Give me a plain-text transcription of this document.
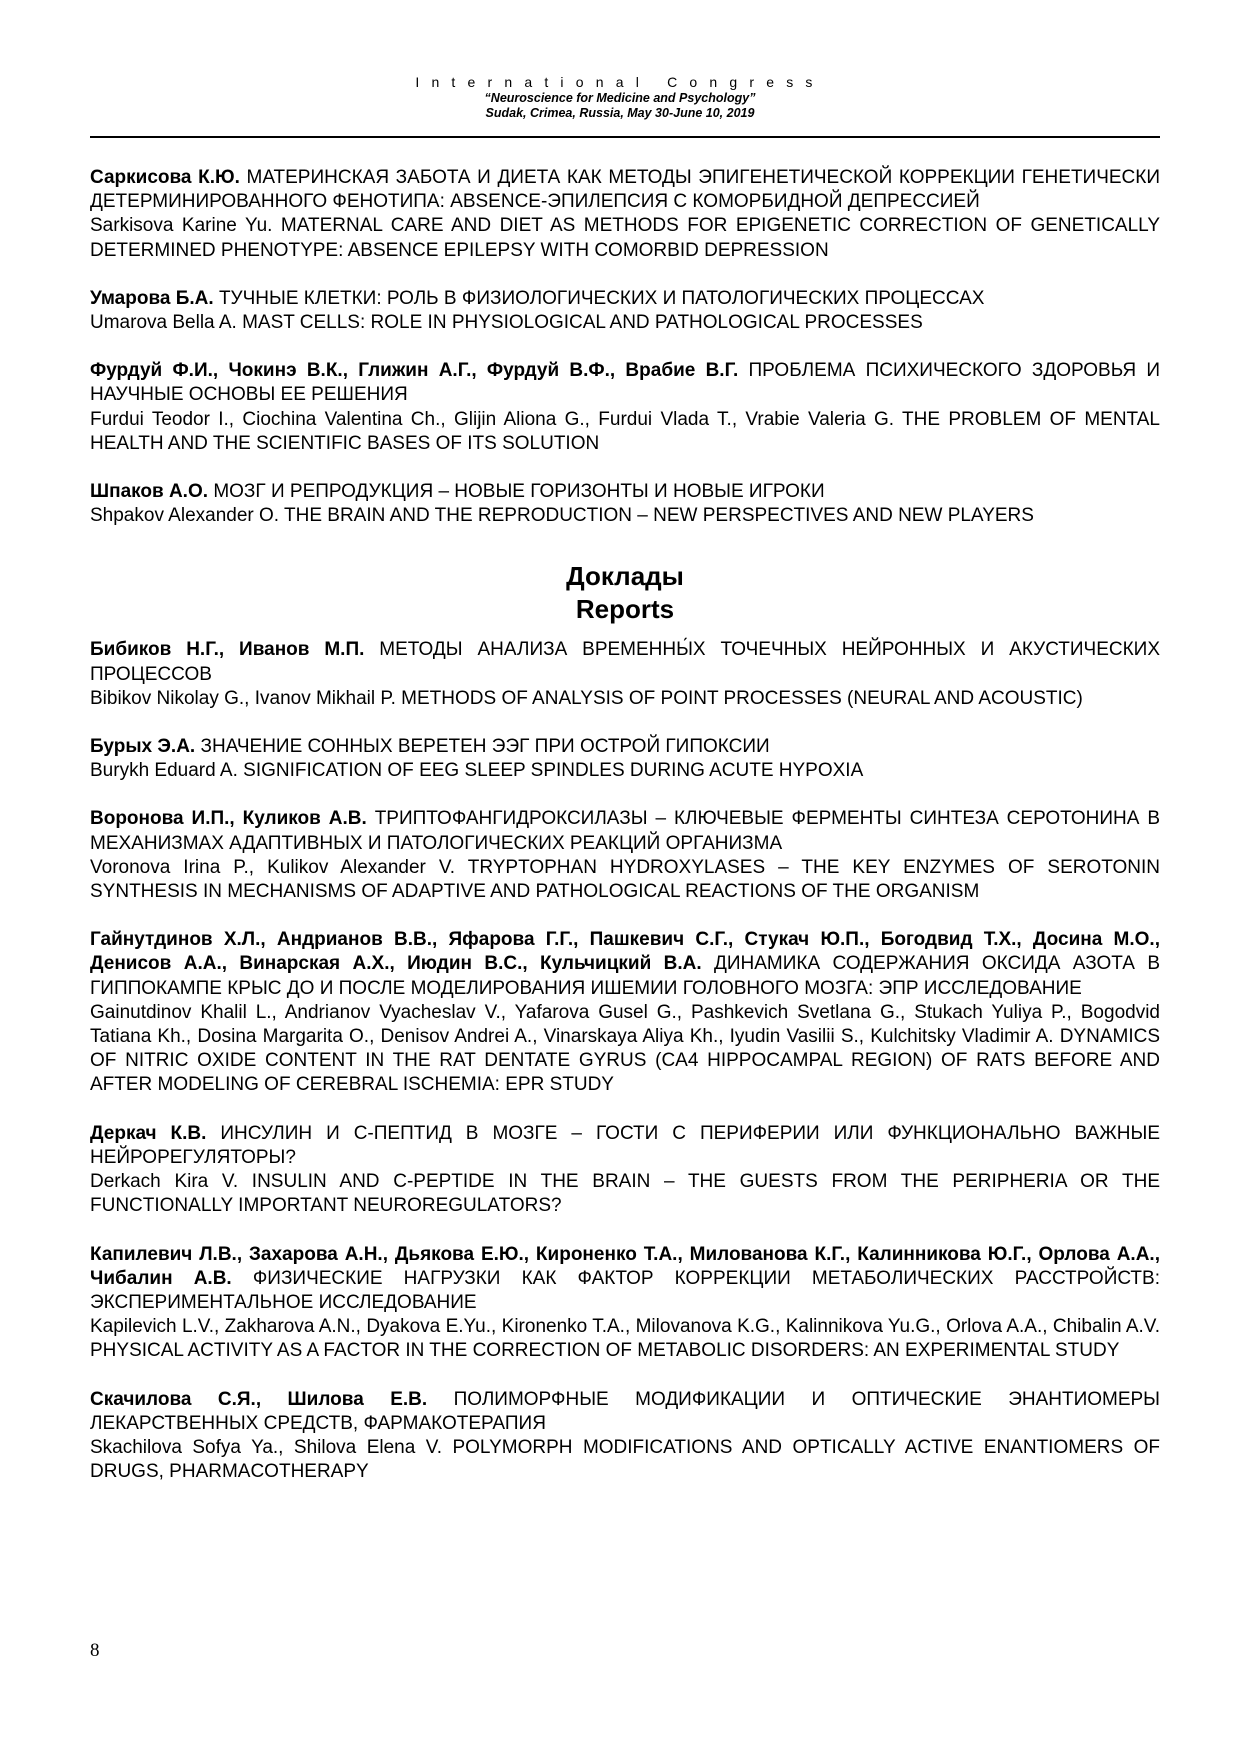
International Congress
“Neuroscience for Medicine and Psychology”
Sudak, Crimea, Russia, May 30-June 10, 2019

Саркисова К.Ю. МАТЕРИНСКАЯ ЗАБОТА И ДИЕТА КАК МЕТОДЫ ЭПИГЕНЕТИЧЕСКОЙ КОРРЕКЦИИ ГЕНЕТИЧЕСКИ ДЕТЕРМИНИРОВАННОГО ФЕНОТИПА: ABSENCE-ЭПИЛЕПСИЯ С КОМОРБИДНОЙ ДЕПРЕССИЕЙ

Sarkisova Karine Yu. MATERNAL CARE AND DIET AS METHODS FOR EPIGENETIC CORRECTION OF GENETICALLY DETERMINED PHENOTYPE: ABSENCE EPILEPSY WITH COMORBID DEPRESSION

Умарова Б.А. ТУЧНЫЕ КЛЕТКИ: РОЛЬ В ФИЗИОЛОГИЧЕСКИХ И ПАТОЛОГИЧЕСКИХ ПРОЦЕССАХ

Umarova Bella A. MAST CELLS: ROLE IN PHYSIOLOGICAL AND PATHOLOGICAL PROCESSES

Фурдуй Ф.И., Чокинэ В.К., Глижин А.Г., Фурдуй В.Ф., Врабие В.Г. ПРОБЛЕМА ПСИХИЧЕСКОГО ЗДОРОВЬЯ И НАУЧНЫЕ ОСНОВЫ ЕЕ РЕШЕНИЯ

Furdui Teodor I., Ciochina Valentina Ch., Glijin Aliona G., Furdui Vlada T., Vrabie Valeria G. THE PROBLEM OF MENTAL HEALTH AND THE SCIENTIFIC BASES OF ITS SOLUTION

Шпаков А.О. МОЗГ И РЕПРОДУКЦИЯ – НОВЫЕ ГОРИЗОНТЫ И НОВЫЕ ИГРОКИ

Shpakov Alexander O. THE BRAIN AND THE REPRODUCTION – NEW PERSPECTIVES AND NEW PLAYERS

Доклады
Reports

Бибиков Н.Г., Иванов М.П. МЕТОДЫ АНАЛИЗА ВРЕМЕННЫ́Х ТОЧЕЧНЫХ НЕЙРОННЫХ И АКУСТИЧЕСКИХ ПРОЦЕССОВ

Bibikov Nikolay G., Ivanov Mikhail P. METHODS OF ANALYSIS OF POINT PROCESSES (NEURAL AND ACOUSTIC)

Бурых Э.А. ЗНАЧЕНИЕ СОННЫХ ВЕРЕТЕН ЭЭГ ПРИ ОСТРОЙ ГИПОКСИИ

Burykh Eduard A. SIGNIFICATION OF EEG SLEEP SPINDLES DURING ACUTE HYPOXIA

Воронова И.П., Куликов А.В. ТРИПТОФАНГИДРОКСИЛАЗЫ – КЛЮЧЕВЫЕ ФЕРМЕНТЫ СИНТЕЗА СЕРОТОНИНА В МЕХАНИЗМАХ АДАПТИВНЫХ И ПАТОЛОГИЧЕСКИХ РЕАКЦИЙ ОРГАНИЗМА

Voronova Irina P., Kulikov Alexander V. TRYPTOPHAN HYDROXYLASES – THE KEY ENZYMES OF SEROTONIN SYNTHESIS IN MECHANISMS OF ADAPTIVE AND PATHOLOGICAL REACTIONS OF THE ORGANISM

Гайнутдинов Х.Л., Андрианов В.В., Яфарова Г.Г., Пашкевич С.Г., Стукач Ю.П., Богодвид Т.Х., Досина М.О., Денисов А.А., Винарская А.Х., Июдин В.С., Кульчицкий В.А. ДИНАМИКА СОДЕРЖАНИЯ ОКСИДА АЗОТА В ГИППОКАМПЕ КРЫС ДО И ПОСЛЕ МОДЕЛИРОВАНИЯ ИШЕМИИ ГОЛОВНОГО МОЗГА: ЭПР ИССЛЕДОВАНИЕ

Gainutdinov Khalil L., Andrianov Vyacheslav V., Yafarova Gusel G., Pashkevich Svetlana G., Stukach Yuliya P., Bogodvid Tatiana Kh., Dosina Margarita O., Denisov Andrei A., Vinarskaya Aliya Kh., Iyudin Vasilii S., Kulchitsky Vladimir A. DYNAMICS OF NITRIC OXIDE CONTENT IN THE RAT DENTATE GYRUS (CA4 HIPPOCAMPAL REGION) OF RATS BEFORE AND AFTER MODELING OF CEREBRAL ISCHEMIA: EPR STUDY

Деркач К.В. ИНСУЛИН И С-ПЕПТИД В МОЗГЕ – ГОСТИ С ПЕРИФЕРИИ ИЛИ ФУНКЦИОНАЛЬНО ВАЖНЫЕ НЕЙРОРЕГУЛЯТОРЫ?

Derkach Kira V. INSULIN AND C-PEPTIDE IN THE BRAIN – THE GUESTS FROM THE PERIPHERIA OR THE FUNCTIONALLY IMPORTANT NEUROREGULATORS?

Капилевич Л.В., Захарова А.Н., Дьякова Е.Ю., Кироненко Т.А., Милованова К.Г., Калинникова Ю.Г., Орлова А.А., Чибалин А.В. ФИЗИЧЕСКИЕ НАГРУЗКИ КАК ФАКТОР КОРРЕКЦИИ МЕТАБОЛИЧЕСКИХ РАССТРОЙСТВ: ЭКСПЕРИМЕНТАЛЬНОЕ ИССЛЕДОВАНИЕ

Kapilevich L.V., Zakharova A.N., Dyakova E.Yu., Kironenko T.A., Milovanova K.G., Kalinnikova Yu.G., Orlova A.A., Chibalin A.V. PHYSICAL ACTIVITY AS A FACTOR IN THE CORRECTION OF METABOLIC DISORDERS: AN EXPERIMENTAL STUDY

Скачилова С.Я., Шилова Е.В. ПОЛИМОРФНЫЕ МОДИФИКАЦИИ И ОПТИЧЕСКИЕ ЭНАНТИОМЕРЫ ЛЕКАРСТВЕННЫХ СРЕДСТВ, ФАРМАКОТЕРАПИЯ

Skachilova Sofya Ya., Shilova Elena V. POLYMORPH MODIFICATIONS AND OPTICALLY ACTIVE ENANTIOMERS OF DRUGS, PHARMACOTHERAPY

8
